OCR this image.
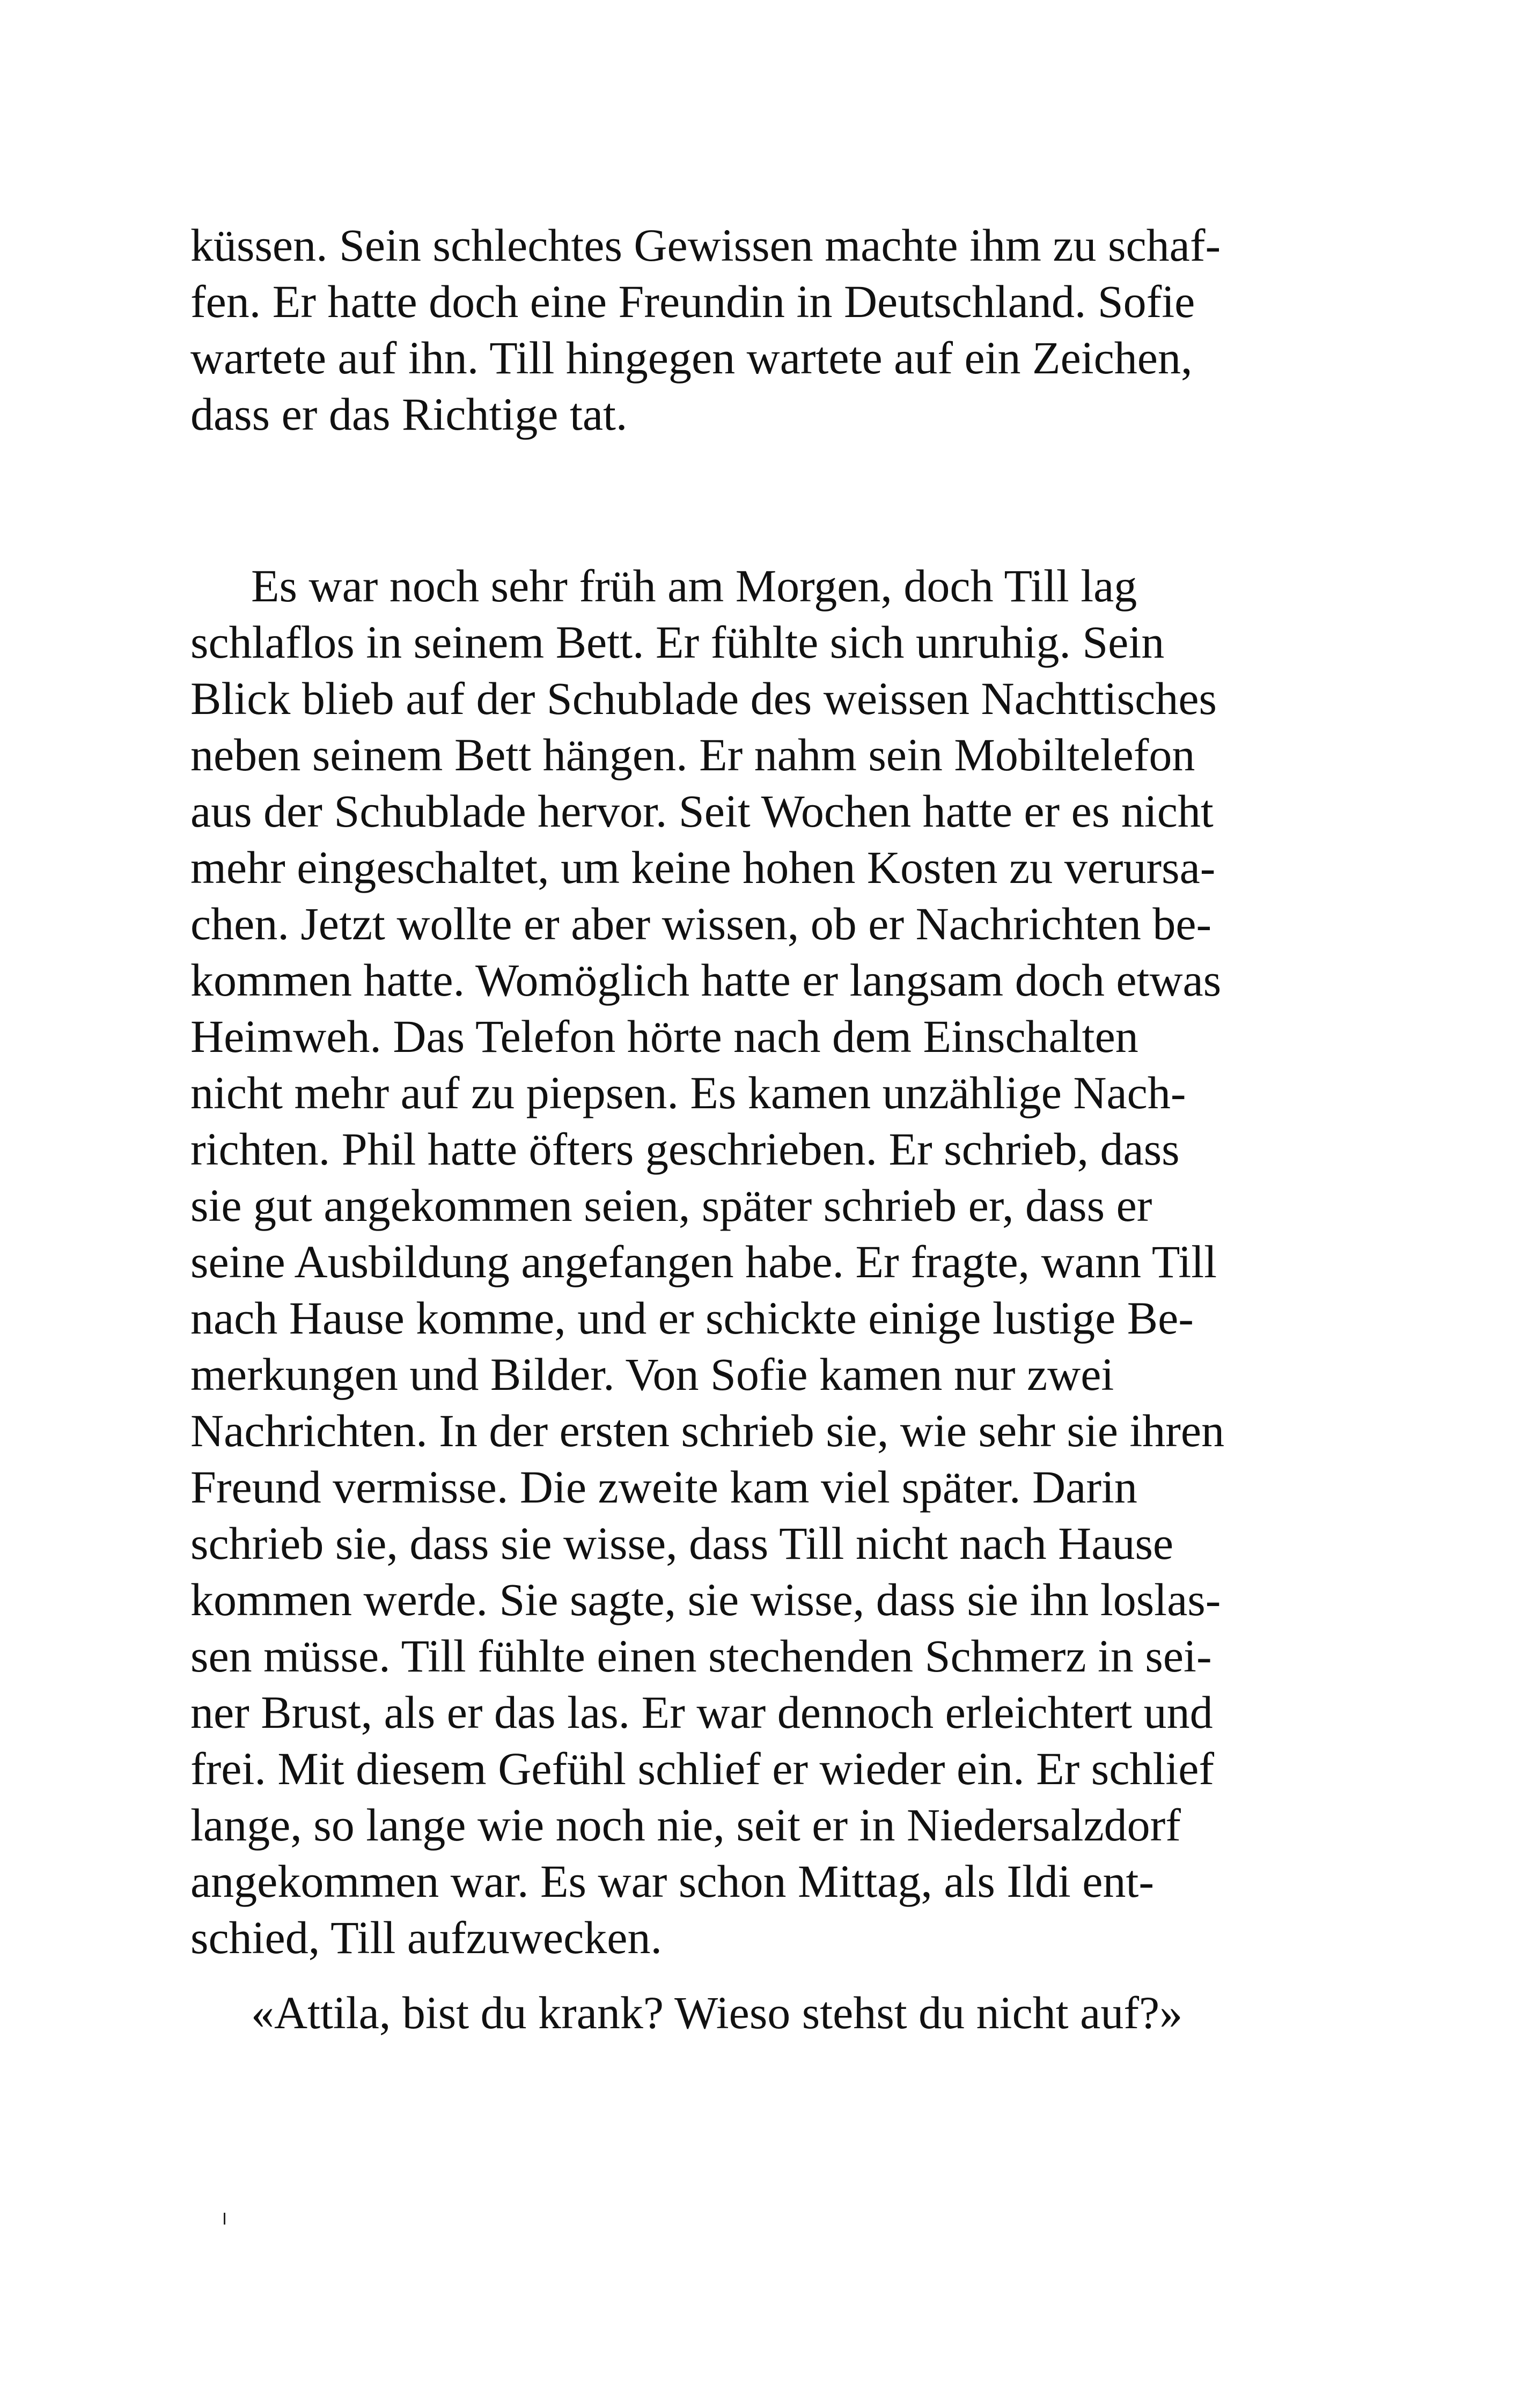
küssen. Sein schlechtes Gewissen machte ihm zu schaf-
fen. Er hatte doch eine Freundin in Deutschland. Sofie
wartete auf ihn. Till hingegen wartete auf ein Zeichen,
dass er das Richtige tat.
Es war noch sehr früh am Morgen, doch Till lag
schlaflos in seinem Bett. Er fühlte sich unruhig. Sein
Blick blieb auf der Schublade des weissen Nachttisches
neben seinem Bett hängen. Er nahm sein Mobiltelefon
aus der Schublade hervor. Seit Wochen hatte er es nicht
mehr eingeschaltet, um keine hohen Kosten zu verursa-
chen. Jetzt wollte er aber wissen, ob er Nachrichten be-
kommen hatte. Womöglich hatte er langsam doch etwas
Heimweh. Das Telefon hörte nach dem Einschalten
nicht mehr auf zu piepsen. Es kamen unzählige Nach-
richten. Phil hatte öfters geschrieben. Er schrieb, dass
sie gut angekommen seien, später schrieb er, dass er
seine Ausbildung angefangen habe. Er fragte, wann Till
nach Hause komme, und er schickte einige lustige Be-
merkungen und Bilder. Von Sofie kamen nur zwei
Nachrichten. In der ersten schrieb sie, wie sehr sie ihren
Freund vermisse. Die zweite kam viel später. Darin
schrieb sie, dass sie wisse, dass Till nicht nach Hause
kommen werde. Sie sagte, sie wisse, dass sie ihn loslas-
sen müsse. Till fühlte einen stechenden Schmerz in sei-
ner Brust, als er das las. Er war dennoch erleichtert und
frei. Mit diesem Gefühl schlief er wieder ein. Er schlief
lange, so lange wie noch nie, seit er in Niedersalzdorf
angekommen war. Es war schon Mittag, als Ildi ent-
schied, Till aufzuwecken.
«Attila, bist du krank? Wieso stehst du nicht auf?»
